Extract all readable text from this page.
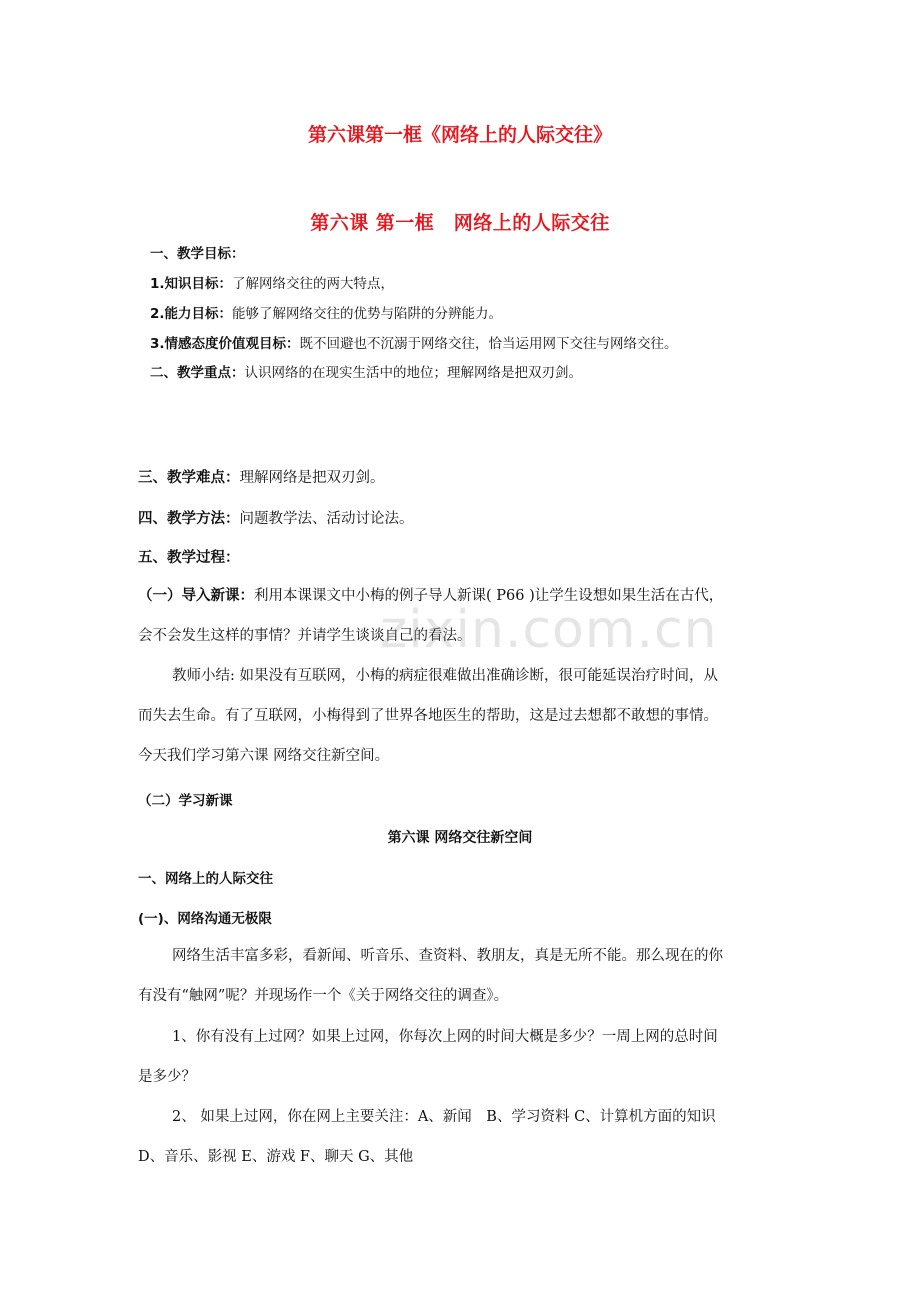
第六课第一框《网络上的人际交往》
第六课 第一框　网络上的人际交往
一、教学目标：
1.知识目标：了解网络交往的两大特点，
2.能力目标：能够了解网络交往的优势与陷阱的分辨能力。
3.情感态度价值观目标：既不回避也不沉溺于网络交往，恰当运用网下交往与网络交往。
二、教学重点：认识网络的在现实生活中的地位；理解网络是把双刃剑。
三、教学难点：理解网络是把双刃剑。
四、教学方法：问题教学法、活动讨论法。
五、教学过程：
（一）导入新课：利用本课课文中小梅的例子导人新课( P66 )让学生设想如果生活在古代，
会不会发生这样的事情？并请学生谈谈自己的看法。
教师小结: 如果没有互联网，小梅的病症很难做出准确诊断，很可能延误治疗时间，从
而失去生命。有了互联网，小梅得到了世界各地医生的帮助，这是过去想都不敢想的事情。
今天我们学习第六课 网络交往新空间。
（二）学习新课
第六课 网络交往新空间
一、网络上的人际交往
(一)、网络沟通无极限
网络生活丰富多彩，看新闻、听音乐、查资料、教朋友，真是无所不能。那么现在的你
有没有“触网”呢？并现场作一个《关于网络交往的调查》。
1、你有没有上过网？如果上过网，你每次上网的时间大概是多少？一周上网的总时间
是多少？
2、 如果上过网，你在网上主要关注：A、新闻　B、学习资料 C、计算机方面的知识
D、音乐、影视 E、游戏 F、聊天 G、其他
zixin.com.cn
